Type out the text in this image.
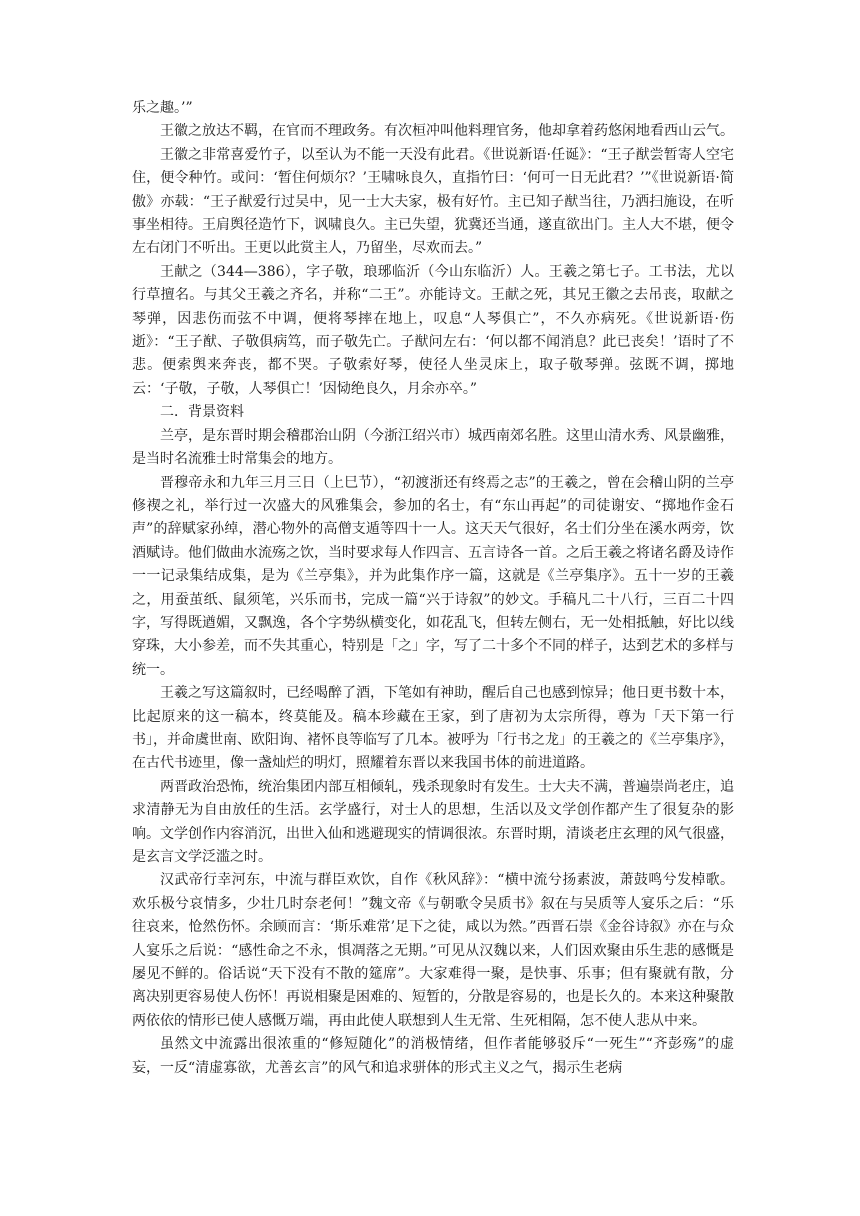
乐之趣。’”

王徽之放达不羁，在官而不理政务。有次桓冲叫他料理官务，他却拿着药悠闲地看西山云气。

王徽之非常喜爱竹子，以至认为不能一天没有此君。《世说新语·任诞》：“王子猷尝暂寄人空宅住，便令种竹。或问：‘暂住何烦尔？’王啸咏良久，直指竹曰：‘何可一日无此君？’”《世说新语·简傲》亦载：“王子猷爱行过吴中，见一士大夫家，极有好竹。主已知子猷当往，乃洒扫施设，在听事坐相待。王肩舆径造竹下，讽啸良久。主已失望，犹冀还当通，遂直欲出门。主人大不堪，便令左右闭门不听出。王更以此赏主人，乃留坐，尽欢而去。”

王献之（344—386），字子敬，琅琊临沂（今山东临沂）人。王羲之第七子。工书法，尤以行草擅名。与其父王羲之齐名，并称“二王”。亦能诗文。王献之死，其兄王徽之去吊丧，取献之琴弹，因悲伤而弦不中调，便将琴摔在地上，叹息“人琴俱亡”，不久亦病死。《世说新语·伤逝》：“王子猷、子敬俱病笃，而子敬先亡。子猷问左右：‘何以都不闻消息？此已丧矣！’语时了不悲。便索舆来奔丧，都不哭。子敬索好琴，使径人坐灵床上，取子敬琴弹。弦既不调，掷地云：‘子敬，子敬，人琴俱亡！’因恸绝良久，月余亦卒。”

二．背景资料

兰亭，是东晋时期会稽郡治山阴（今浙江绍兴市）城西南郊名胜。这里山清水秀、风景幽雅，是当时名流雅士时常集会的地方。

晋穆帝永和九年三月三日（上巳节），“初渡浙还有终焉之志”的王羲之，曾在会稽山阴的兰亭修禊之礼，举行过一次盛大的风雅集会，参加的名士，有“东山再起”的司徒谢安、“掷地作金石声”的辞赋家孙绰，潜心物外的高僧支遁等四十一人。这天天气很好，名士们分坐在溪水两旁，饮酒赋诗。他们做曲水流殇之饮，当时要求每人作四言、五言诗各一首。之后王羲之将诸名爵及诗作一一记录集结成集，是为《兰亭集》，并为此集作序一篇，这就是《兰亭集序》。五十一岁的王羲之，用蚕茧纸、鼠须笔，兴乐而书，完成一篇“兴于诗叙”的妙文。手稿凡二十八行，三百二十四字，写得既遒媚，又飘逸，各个字势纵横变化，如花乱飞，但转左侧右，无一处相抵触，好比以线穿珠，大小参差，而不失其重心，特别是「之」字，写了二十多个不同的样子，达到艺术的多样与统一。

王羲之写这篇叙时，已经喝醉了酒，下笔如有神助，醒后自己也感到惊异；他日更书数十本，比起原来的这一稿本，终莫能及。稿本珍藏在王家，到了唐初为太宗所得，尊为「天下第一行书」，并命虞世南、欧阳询、褚怀良等临写了几本。被呼为「行书之龙」的王羲之的《兰亭集序》，在古代书迹里，像一盏灿烂的明灯，照耀着东晋以来我国书体的前进道路。

两晋政治恐怖，统治集团内部互相倾轧，残杀现象时有发生。士大夫不满，普遍崇尚老庄，追求清静无为自由放任的生活。玄学盛行，对士人的思想，生活以及文学创作都产生了很复杂的影响。文学创作内容消沉，出世入仙和逃避现实的情调很浓。东晋时期，清谈老庄玄理的风气很盛，是玄言文学泛滥之时。

汉武帝行幸河东，中流与群臣欢饮，自作《秋风辞》：“横中流兮扬素波，萧鼓鸣兮发棹歌。欢乐极兮哀情多，少壮几时奈老何！”魏文帝《与朝歌令吴质书》叙在与吴质等人宴乐之后：“乐往哀来，怆然伤怀。余顾而言：‘斯乐难常’足下之徒，咸以为然。”西晋石崇《金谷诗叙》亦在与众人宴乐之后说：“感性命之不永，惧凋落之无期。”可见从汉魏以来，人们因欢聚由乐生悲的感慨是屡见不鲜的。俗话说“天下没有不散的筵席”。大家难得一聚，是快事、乐事；但有聚就有散，分离决别更容易使人伤怀！再说相聚是困难的、短暂的，分散是容易的，也是长久的。本来这种聚散两依依的情形已使人感慨万端，再由此使人联想到人生无常、生死相隔，怎不使人悲从中来。

虽然文中流露出很浓重的“修短随化”的消极情绪，但作者能够驳斥“一死生”“齐彭殇”的虚妄，一反“清虚寡欲，尤善玄言”的风气和追求骈体的形式主义之气，揭示生老病
